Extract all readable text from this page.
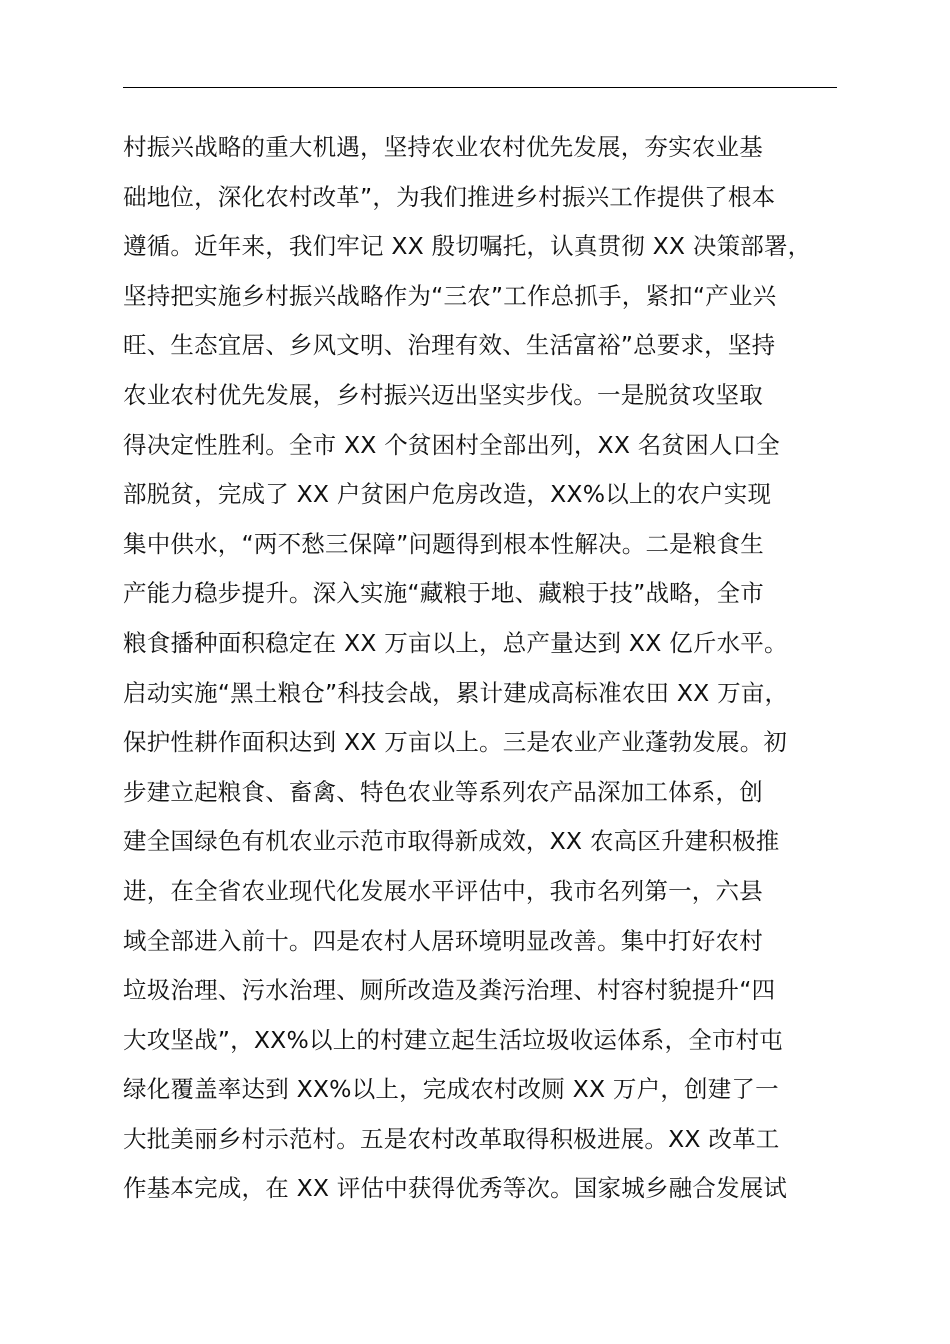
村振兴战略的重大机遇，坚持农业农村优先发展，夯实农业基
础地位，深化农村改革”，为我们推进乡村振兴工作提供了根本
遵循。近年来，我们牢记 XX 殷切嘱托，认真贯彻 XX 决策部署，
坚持把实施乡村振兴战略作为“三农”工作总抓手，紧扣“产业兴
旺、生态宜居、乡风文明、治理有效、生活富裕”总要求，坚持
农业农村优先发展，乡村振兴迈出坚实步伐。一是脱贫攻坚取
得决定性胜利。全市 XX 个贫困村全部出列，XX 名贫困人口全
部脱贫，完成了 XX 户贫困户危房改造，XX%以上的农户实现
集中供水，“两不愁三保障”问题得到根本性解决。二是粮食生
产能力稳步提升。深入实施“藏粮于地、藏粮于技”战略，全市
粮食播种面积稳定在 XX 万亩以上，总产量达到 XX 亿斤水平。
启动实施“黑土粮仓”科技会战，累计建成高标准农田 XX 万亩，
保护性耕作面积达到 XX 万亩以上。三是农业产业蓬勃发展。初
步建立起粮食、畜禽、特色农业等系列农产品深加工体系，创
建全国绿色有机农业示范市取得新成效，XX 农高区升建积极推
进，在全省农业现代化发展水平评估中，我市名列第一，六县
域全部进入前十。四是农村人居环境明显改善。集中打好农村
垃圾治理、污水治理、厕所改造及粪污治理、村容村貌提升“四
大攻坚战”，XX%以上的村建立起生活垃圾收运体系，全市村屯
绿化覆盖率达到 XX%以上，完成农村改厕 XX 万户，创建了一
大批美丽乡村示范村。五是农村改革取得积极进展。XX 改革工
作基本完成，在 XX 评估中获得优秀等次。国家城乡融合发展试
